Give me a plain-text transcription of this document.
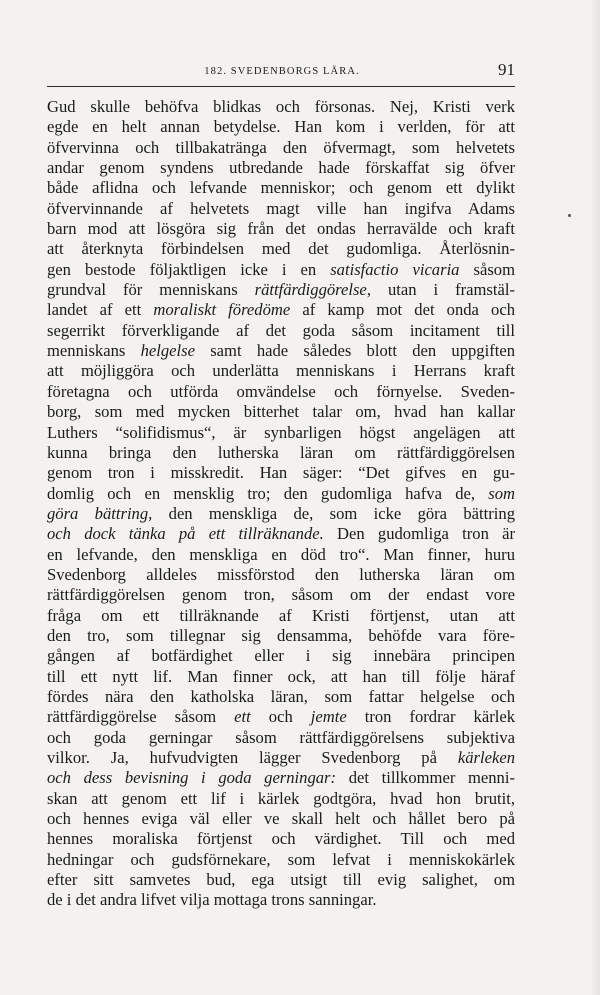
182. SVEDENBORGS LÄRA.	91
Gud skulle behöfva blidkas och försonas. Nej, Kristi verk
egde en helt annan betydelse. Han kom i verlden, för att
öfvervinna och tillbakatränga den öfvermagt, som helvetets
andar genom syndens utbredande hade förskaffat sig öfver
både aflidna och lefvande menniskor; och genom ett dylikt
öfvervinnande af helvetets magt ville han ingifva Adams
barn mod att lösgöra sig från det ondas herravälde och kraft
att återknyta förbindelsen med det gudomliga. Återlösnin-
gen bestode följaktligen icke i en satisfactio vicaria såsom
grundval för menniskans rättfärdiggörelse, utan i framstäl-
landet af ett moraliskt föredöme af kamp mot det onda och
segerrikt förverkligande af det goda såsom incitament till
menniskans helgelse samt hade således blott den uppgiften
att möjliggöra och underlätta menniskans i Herrans kraft
företagna och utförda omvändelse och förnyelse. Sveden-
borg, som med mycken bitterhet talar om, hvad han kallar
Luthers “solifidismus“, är synbarligen högst angelägen att
kunna bringa den lutherska läran om rättfärdiggörelsen
genom tron i misskredit. Han säger: “Det gifves en gu-
domlig och en mensklig tro; den gudomliga hafva de, som
göra bättring, den menskliga de, som icke göra bättring
och dock tänka på ett tillräknande. Den gudomliga tron är
en lefvande, den menskliga en död tro“. Man finner, huru
Svedenborg alldeles missförstod den lutherska läran om
rättfärdiggörelsen genom tron, såsom om der endast vore
fråga om ett tillräknande af Kristi förtjenst, utan att
den tro, som tillegnar sig densamma, behöfde vara före-
gången af botfärdighet eller i sig innebära principen
till ett nytt lif. Man finner ock, att han till följe häraf
fördes nära den katholska läran, som fattar helgelse och
rättfärdiggörelse såsom ett och jemte tron fordrar kärlek
och goda gerningar såsom rättfärdiggörelsens subjektiva
vilkor. Ja, hufvudvigten lägger Svedenborg på kärleken
och dess bevisning i goda gerningar: det tillkommer menni-
skan att genom ett lif i kärlek godtgöra, hvad hon brutit,
och hennes eviga väl eller ve skall helt och hållet bero på
hennes moraliska förtjenst och värdighet. Till och med
hedningar och gudsförnekare, som lefvat i menniskokärlek
efter sitt samvetes bud, ega utsigt till evig salighet, om
de i det andra lifvet vilja mottaga trons sanningar.
